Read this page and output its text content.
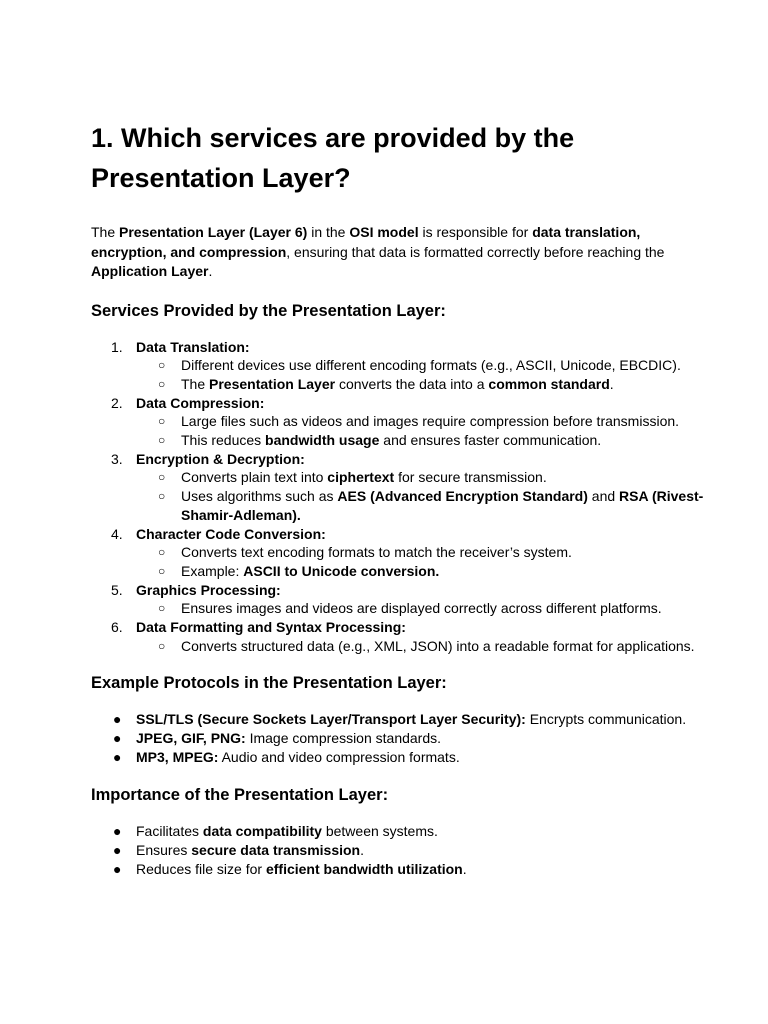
1. Which services are provided by the Presentation Layer?

The Presentation Layer (Layer 6) in the OSI model is responsible for data translation, encryption, and compression, ensuring that data is formatted correctly before reaching the Application Layer.

Services Provided by the Presentation Layer:
1. Data Translation:
○ Different devices use different encoding formats (e.g., ASCII, Unicode, EBCDIC).
○ The Presentation Layer converts the data into a common standard.
2. Data Compression:
○ Large files such as videos and images require compression before transmission.
○ This reduces bandwidth usage and ensures faster communication.
3. Encryption & Decryption:
○ Converts plain text into ciphertext for secure transmission.
○ Uses algorithms such as AES (Advanced Encryption Standard) and RSA (Rivest-Shamir-Adleman).
4. Character Code Conversion:
○ Converts text encoding formats to match the receiver’s system.
○ Example: ASCII to Unicode conversion.
5. Graphics Processing:
○ Ensures images and videos are displayed correctly across different platforms.
6. Data Formatting and Syntax Processing:
○ Converts structured data (e.g., XML, JSON) into a readable format for applications.
Example Protocols in the Presentation Layer:
● SSL/TLS (Secure Sockets Layer/Transport Layer Security): Encrypts communication.
● JPEG, GIF, PNG: Image compression standards.
● MP3, MPEG: Audio and video compression formats.
Importance of the Presentation Layer:
● Facilitates data compatibility between systems.
● Ensures secure data transmission.
● Reduces file size for efficient bandwidth utilization.
